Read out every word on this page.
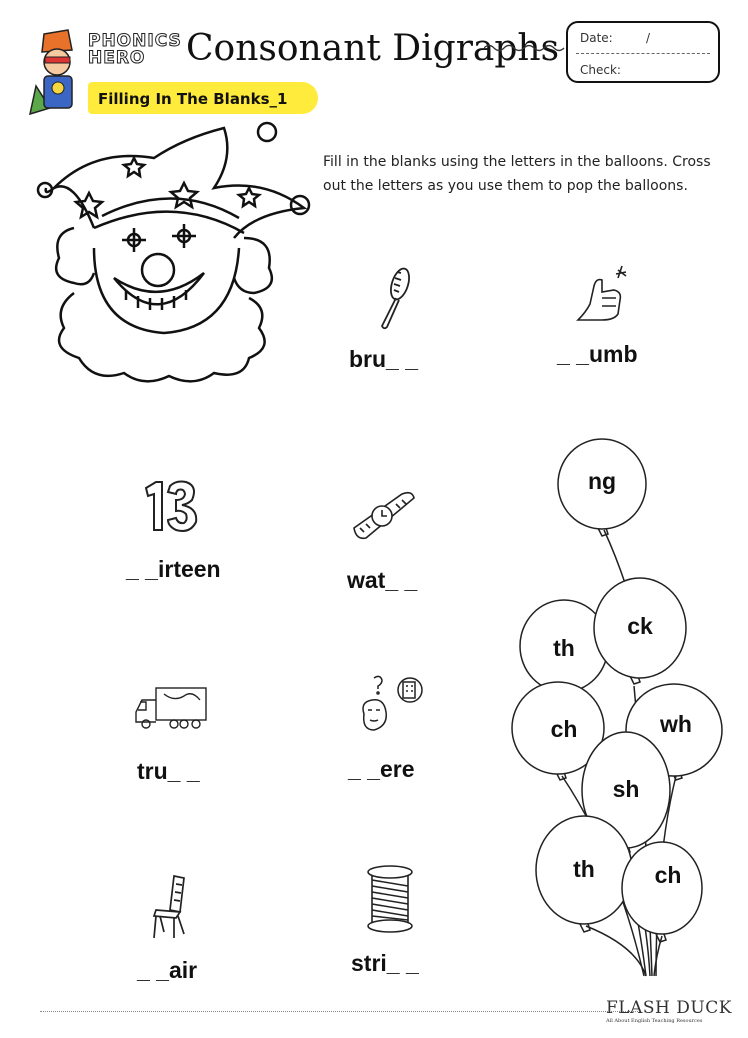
PHONICS
HERO	Consonant Digraphs Date:	/
Check:
Filling In The Blanks_1
Fill in the blanks using the letters in the balloons. Cross out the letters as you use them to pop the balloons.
bru_ _	_ _umb
_ _irteen	wat_ _
tru_ _	_ _ere
_ _air	stri_ _
ng
th
ck
ch	wh
sh
th	ch
FLASH DUCK
All About English Teaching Resources
